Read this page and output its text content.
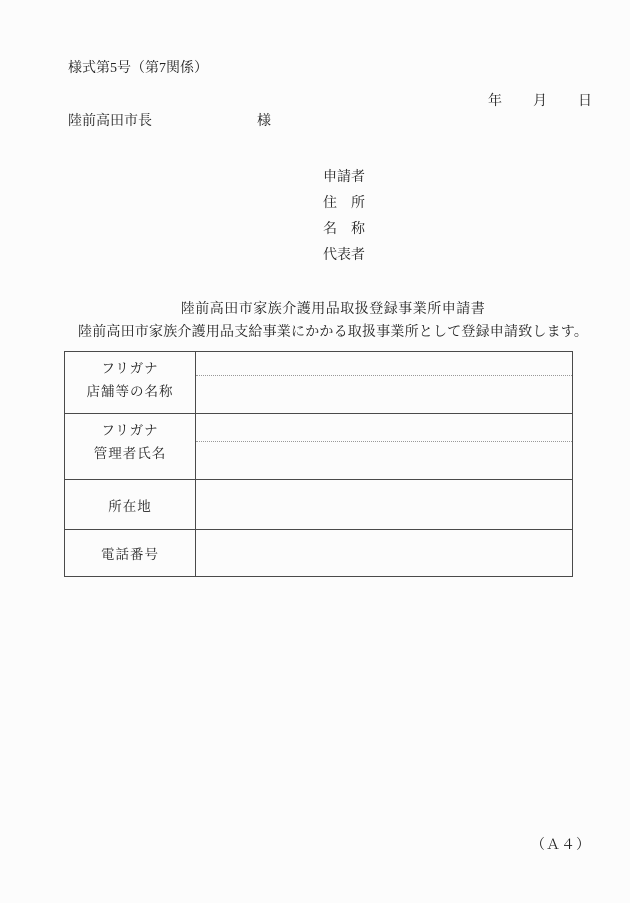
様式第5号（第7関係）
年　　月　　日
陸前高田市長	様
申請者
住　所
名　称
代表者
陸前高田市家族介護用品取扱登録事業所申請書
陸前高田市家族介護用品支給事業にかかる取扱事業所として登録申請致します。
フリガナ
店舗等の名称
フリガナ
管理者氏名
所在地
電話番号
（Ａ４）
